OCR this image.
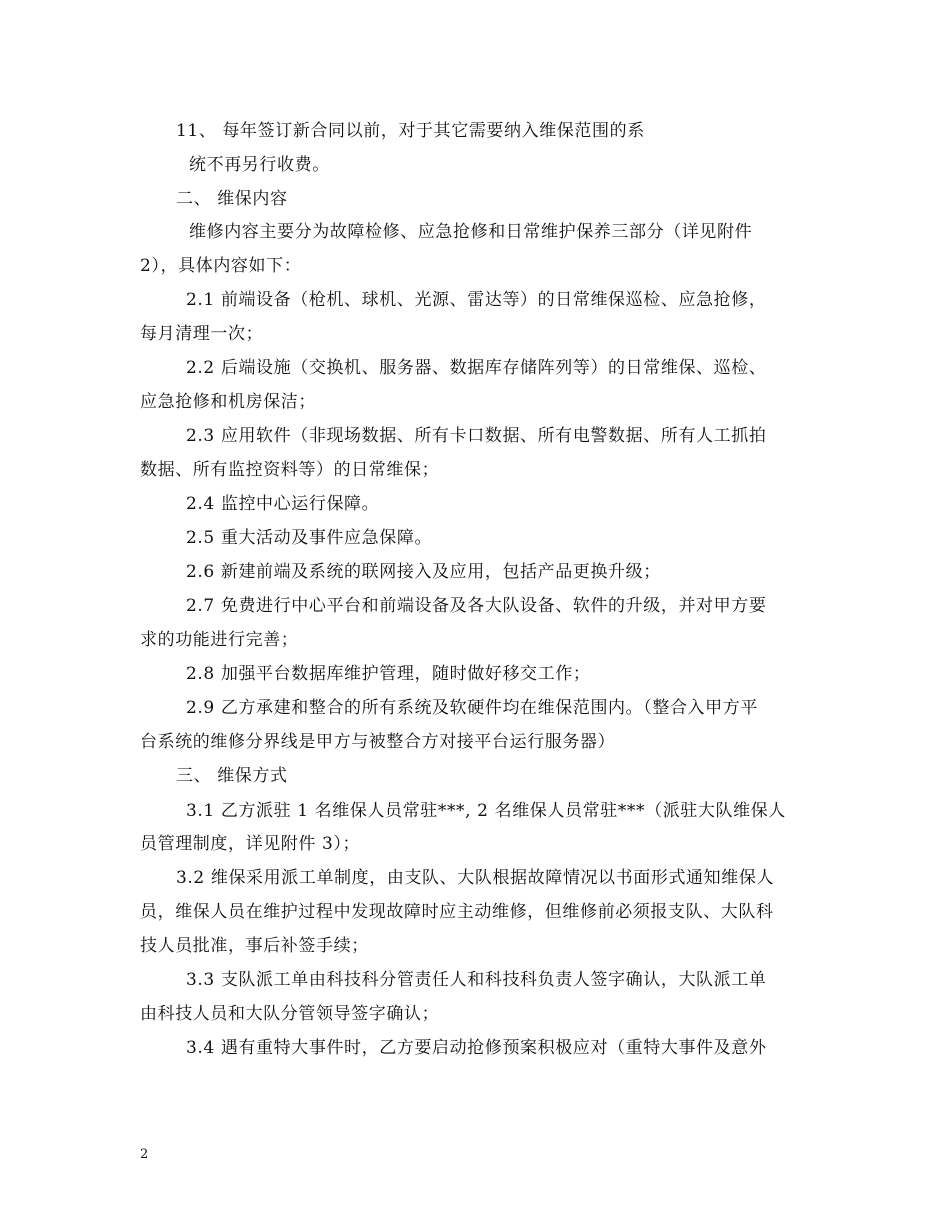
11、 每年签订新合同以前，对于其它需要纳入维保范围的系
统不再另行收费。
二、 维保内容
维修内容主要分为故障检修、应急抢修和日常维护保养三部分（详见附件
2），具体内容如下：
2.1 前端设备（枪机、球机、光源、雷达等）的日常维保巡检、应急抢修，
每月清理一次；
2.2 后端设施（交换机、服务器、数据库存储阵列等）的日常维保、巡检、
应急抢修和机房保洁；
2.3 应用软件（非现场数据、所有卡口数据、所有电警数据、所有人工抓拍
数据、所有监控资料等）的日常维保；
2.4 监控中心运行保障。
2.5 重大活动及事件应急保障。
2.6 新建前端及系统的联网接入及应用，包括产品更换升级；
2.7 免费进行中心平台和前端设备及各大队设备、软件的升级，并对甲方要
求的功能进行完善；
2.8 加强平台数据库维护管理，随时做好移交工作；
2.9 乙方承建和整合的所有系统及软硬件均在维保范围内。（整合入甲方平
台系统的维修分界线是甲方与被整合方对接平台运行服务器）
三、 维保方式
3.1 乙方派驻 1 名维保人员常驻***, 2 名维保人员常驻***（派驻大队维保人
员管理制度，详见附件 3）；
3.2 维保采用派工单制度，由支队、大队根据故障情况以书面形式通知维保人
员，维保人员在维护过程中发现故障时应主动维修，但维修前必须报支队、大队科
技人员批准，事后补签手续；
3.3 支队派工单由科技科分管责任人和科技科负责人签字确认，大队派工单
由科技人员和大队分管领导签字确认；
3.4 遇有重特大事件时，乙方要启动抢修预案积极应对（重特大事件及意外
2
